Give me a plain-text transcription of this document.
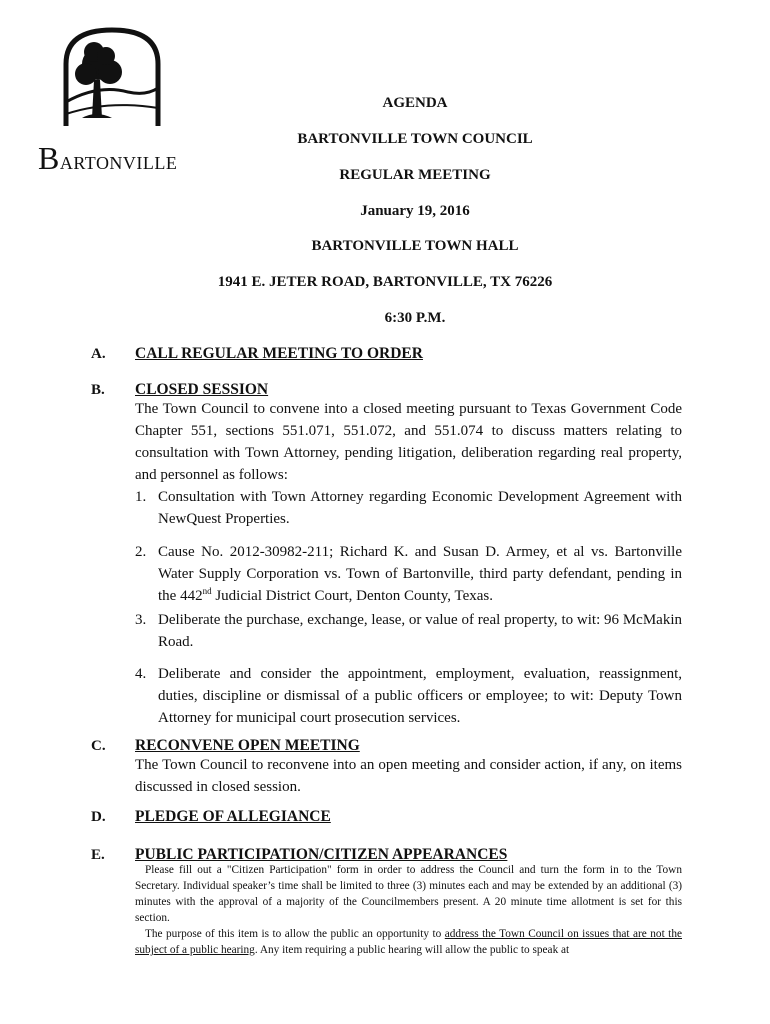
BARTONVILLE
AGENDA
BARTONVILLE TOWN COUNCIL
REGULAR MEETING
January 19, 2016
BARTONVILLE TOWN HALL
1941 E. JETER ROAD, BARTONVILLE, TX 76226
6:30 P.M.
A. CALL REGULAR MEETING TO ORDER
B. CLOSED SESSION
The Town Council to convene into a closed meeting pursuant to Texas Government Code Chapter 551, sections 551.071, 551.072, and 551.074 to discuss matters relating to consultation with Town Attorney, pending litigation, deliberation regarding real property, and personnel as follows:
1. Consultation with Town Attorney regarding Economic Development Agreement with NewQuest Properties.
2. Cause No. 2012-30982-211; Richard K. and Susan D. Armey, et al vs. Bartonville Water Supply Corporation vs. Town of Bartonville, third party defendant, pending in the 442nd Judicial District Court, Denton County, Texas.
3. Deliberate the purchase, exchange, lease, or value of real property, to wit: 96 McMakin Road.
4. Deliberate and consider the appointment, employment, evaluation, reassignment, duties, discipline or dismissal of a public officers or employee; to wit: Deputy Town Attorney for municipal court prosecution services.
C. RECONVENE OPEN MEETING
The Town Council to reconvene into an open meeting and consider action, if any, on items discussed in closed session.
D. PLEDGE OF ALLEGIANCE
E. PUBLIC PARTICIPATION/CITIZEN APPEARANCES
Please fill out a "Citizen Participation" form in order to address the Council and turn the form in to the Town Secretary. Individual speaker’s time shall be limited to three (3) minutes each and may be extended by an additional (3) minutes with the approval of a majority of the Councilmembers present. A 20 minute time allotment is set for this section.
The purpose of this item is to allow the public an opportunity to address the Town Council on issues that are not the subject of a public hearing. Any item requiring a public hearing will allow the public to speak at
